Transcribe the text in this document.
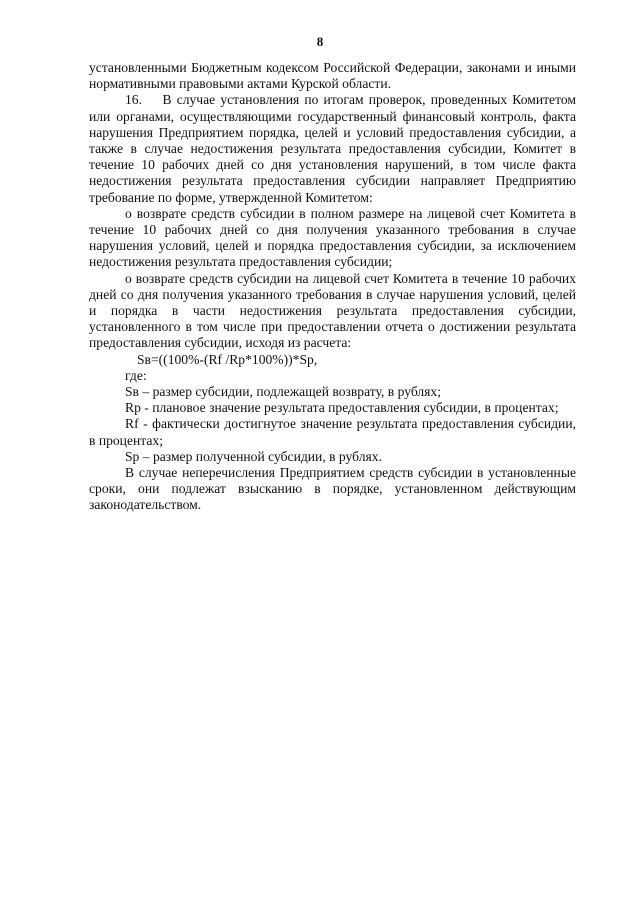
8

установленными Бюджетным кодексом Российской Федерации, законами и иными нормативными правовыми актами Курской области.

16.    В случае установления по итогам проверок, проведенных Комитетом или органами, осуществляющими государственный финансовый контроль, факта нарушения Предприятием порядка, целей и условий предоставления субсидии, а также в случае недостижения результата предоставления субсидии, Комитет в течение 10 рабочих дней со дня установления нарушений, в том числе факта недостижения результата предоставления субсидии направляет Предприятию требование по форме, утвержденной Комитетом:

о возврате средств субсидии в полном размере на лицевой счет Комитета в течение 10 рабочих дней со дня получения указанного требования в случае нарушения условий, целей и порядка предоставления субсидии, за исключением недостижения результата предоставления субсидии;

о возврате средств субсидии на лицевой счет Комитета в течение 10 рабочих дней со дня получения указанного требования в случае нарушения условий, целей и порядка в части недостижения результата предоставления субсидии, установленного в том числе при предоставлении отчета о достижении результата предоставления субсидии, исходя из расчета:

Sв=((100%-(Rf /Rp*100%))*Sp,

где:

Sв – размер субсидии, подлежащей возврату, в рублях;

Rp - плановое значение результата предоставления субсидии, в процентах;

Rf - фактически достигнутое значение результата предоставления субсидии, в процентах;

Sp – размер полученной субсидии, в рублях.

В случае неперечисления Предприятием средств субсидии в установленные сроки, они подлежат взысканию в порядке, установленном действующим законодательством.
